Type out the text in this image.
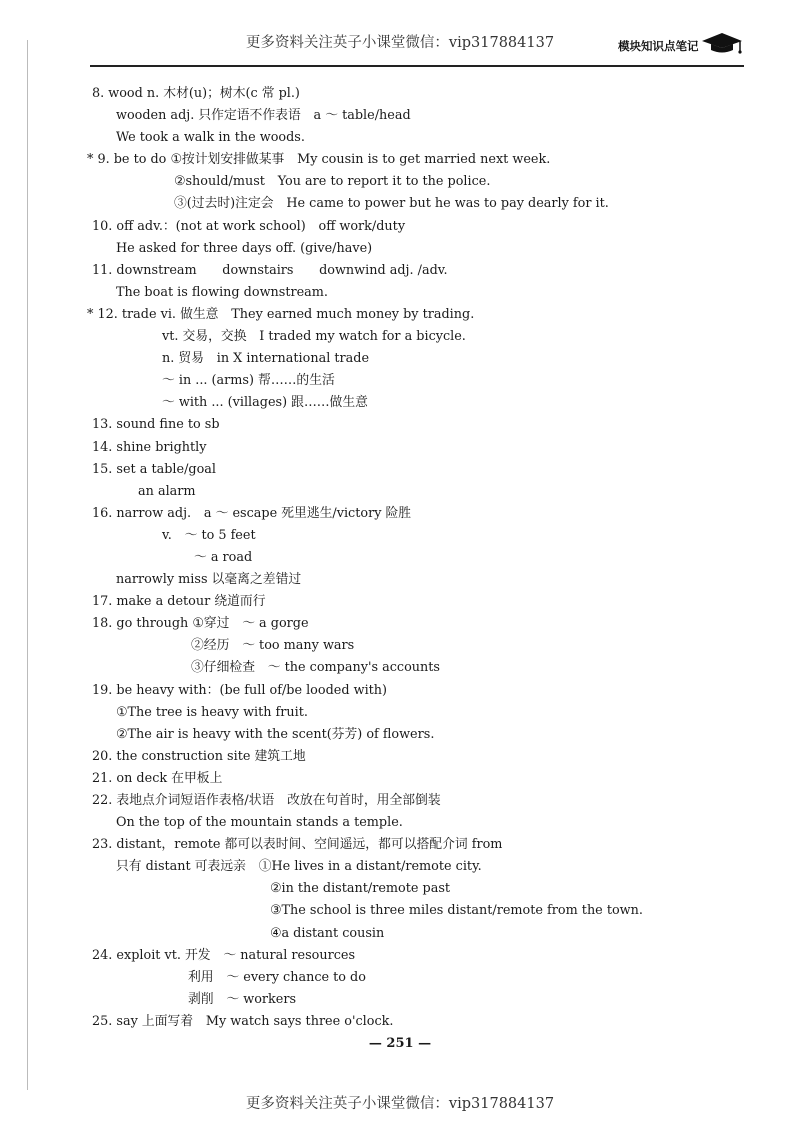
更多资料关注英子小课堂微信：vip317884137	模块知识点笔记
8. wood n. 木材(u)；树木(c 常 pl.)
wooden adj. 只作定语不作表语　a ～ table/head
We took a walk in the woods.
* 9. be to do ①按计划安排做某事　My cousin is to get married next week.
②should/must　You are to report it to the police.
③(过去时)注定会　He came to power but he was to pay dearly for it.
10. off adv.：(not at work school)　off work/duty
He asked for three days off. (give/have)
11. downstream　　downstairs　　downwind adj. /adv.
The boat is flowing downstream.
* 12. trade vi. 做生意　They earned much money by trading.
vt. 交易，交换　I traded my watch for a bicycle.
n. 贸易　in X international trade
～ in ... (arms) 帮……的生活
～ with ... (villages) 跟……做生意
13. sound fine to sb
14. shine brightly
15. set a table/goal
an alarm
16. narrow adj.　a ～ escape 死里逃生/victory 险胜
v.　～ to 5 feet
～ a road
narrowly miss 以毫离之差错过
17. make a detour 绕道而行
18. go through ①穿过　～ a gorge
②经历　～ too many wars
③仔细检查　～ the company's accounts
19. be heavy with：(be full of/be looded with)
①The tree is heavy with fruit.
②The air is heavy with the scent(芬芳) of flowers.
20. the construction site 建筑工地
21. on deck 在甲板上
22. 表地点介词短语作表格/状语　改放在句首时，用全部倒装
On the top of the mountain stands a temple.
23. distant，remote 都可以表时间、空间遥远，都可以搭配介词 from
只有 distant 可表远亲　①He lives in a distant/remote city.
②in the distant/remote past
③The school is three miles distant/remote from the town.
④a distant cousin
24. exploit vt. 开发　～ natural resources
利用　～ every chance to do
剥削　～ workers
25. say 上面写着　My watch says three o'clock.
— 251 —
更多资料关注英子小课堂微信：vip317884137
